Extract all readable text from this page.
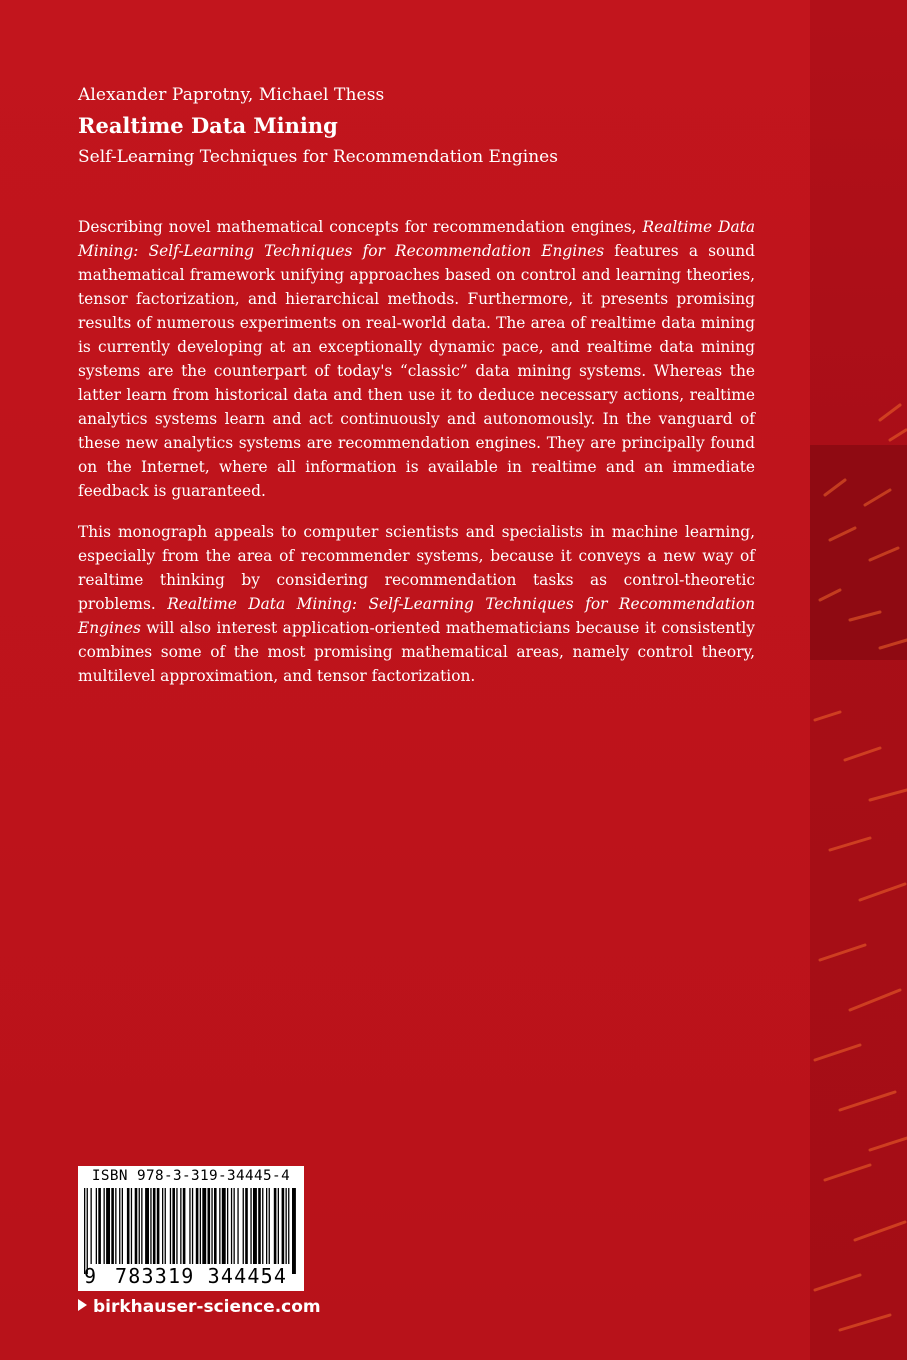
Alexander Paprotny, Michael Thess
Realtime Data Mining
Self-Learning Techniques for Recommendation Engines

Describing novel mathematical concepts for recommendation engines, Realtime Data Mining: Self-Learning Techniques for Recommendation Engines features a sound mathematical framework unifying approaches based on control and learning theories, tensor factorization, and hierarchical methods. Furthermore, it presents promising results of numerous experiments on real-world data. The area of realtime data mining is currently developing at an exceptionally dynamic pace, and realtime data mining systems are the counterpart of today's “classic” data mining systems. Whereas the latter learn from historical data and then use it to deduce necessary actions, realtime analytics systems learn and act continuously and autonomously. In the vanguard of these new analytics systems are recommendation engines. They are principally found on the Internet, where all information is available in realtime and an immediate feedback is guaranteed.

This monograph appeals to computer scientists and specialists in machine learning, especially from the area of recommender systems, because it conveys a new way of realtime thinking by considering recommendation tasks as control-theoretic problems. Realtime Data Mining: Self-Learning Techniques for Recommendation Engines will also interest application-oriented mathematicians because it consistently combines some of the most promising mathematical areas, namely control theory, multilevel approximation, and tensor factorization.

ISBN 978-3-319-34445-4
9 783319 344454
birkhauser-science.com
